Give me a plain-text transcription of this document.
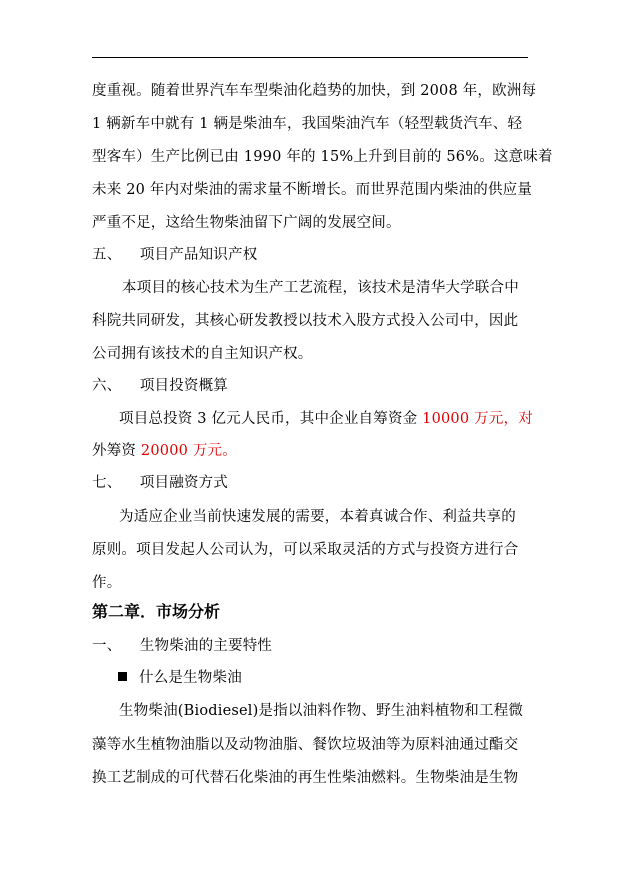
度重视。随着世界汽车车型柴油化趋势的加快，到 2008 年，欧洲每
1 辆新车中就有 1 辆是柴油车，我国柴油汽车（轻型载货汽车、轻
型客车）生产比例已由 1990 年的 15%上升到目前的 56%。这意味着
未来 20 年内对柴油的需求量不断增长。而世界范围内柴油的供应量
严重不足，这给生物柴油留下广阔的发展空间。
五、 项目产品知识产权
本项目的核心技术为生产工艺流程，该技术是清华大学联合中
科院共同研发，其核心研发教授以技术入股方式投入公司中，因此
公司拥有该技术的自主知识产权。
六、 项目投资概算
项目总投资 3 亿元人民币，其中企业自筹资金 10000 万元，对
外筹资 20000 万元。
七、 项目融资方式
为适应企业当前快速发展的需要，本着真诚合作、利益共享的
原则。项目发起人公司认为，可以采取灵活的方式与投资方进行合
作。
第二章．市场分析
一、 生物柴油的主要特性
什么是生物柴油
生物柴油(Biodiesel)是指以油料作物、野生油料植物和工程微
藻等水生植物油脂以及动物油脂、餐饮垃圾油等为原料油通过酯交
换工艺制成的可代替石化柴油的再生性柴油燃料。生物柴油是生物
